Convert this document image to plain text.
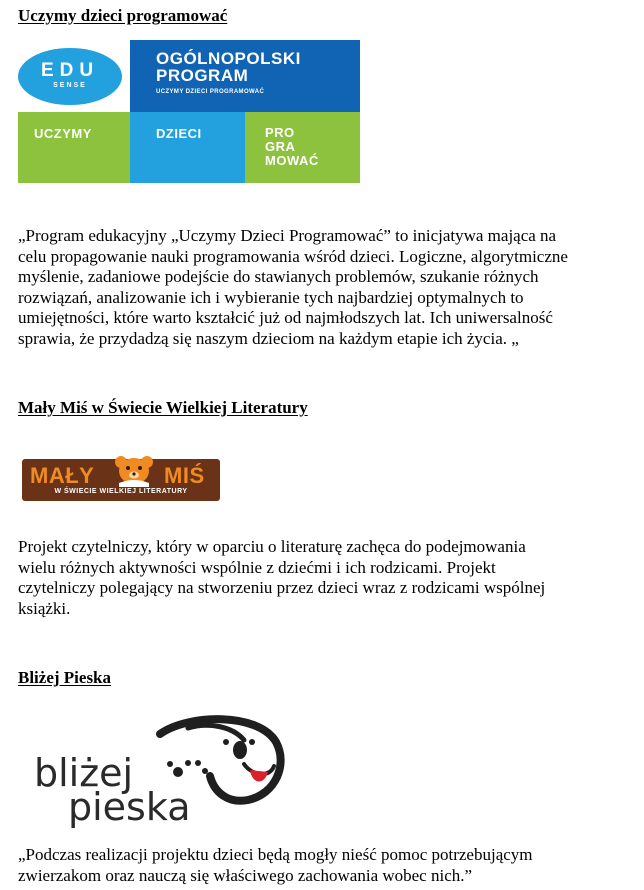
Uczymy dzieci programować
EDU
SENSE
OGÓLNOPOLSKI
PROGRAM
UCZYMY DZIECI PROGRAMOWAĆ
UCZYMY	DZIECI	PRO
GRA
MOWAĆ

„Program edukacyjny „Uczymy Dzieci Programować” to inicjatywa mająca na
celu propagowanie nauki programowania wśród dzieci. Logiczne, algorytmiczne
myślenie, zadaniowe podejście do stawianych problemów, szukanie różnych
rozwiązań, analizowanie ich i wybieranie tych najbardziej optymalnych to
umiejętności, które warto kształcić już od najmłodszych lat. Ich uniwersalność
sprawia, że przydadzą się naszym dzieciom na każdym etapie ich życia. „

Mały Miś w Świecie Wielkiej Literatury
MAŁY	MIŚ
W ŚWIECIE WIELKIEJ LITERATURY

Projekt czytelniczy, który w oparciu o literaturę zachęca do podejmowania
wielu różnych aktywności wspólnie z dziećmi i ich rodzicami. Projekt
czytelniczy polegający na stworzeniu przez dzieci wraz z rodzicami wspólnej
książki.

Bliżej Pieska
bliżej
pieska

„Podczas realizacji projektu dzieci będą mogły nieść pomoc potrzebującym
zwierzakom oraz nauczą się właściwego zachowania wobec nich.”
